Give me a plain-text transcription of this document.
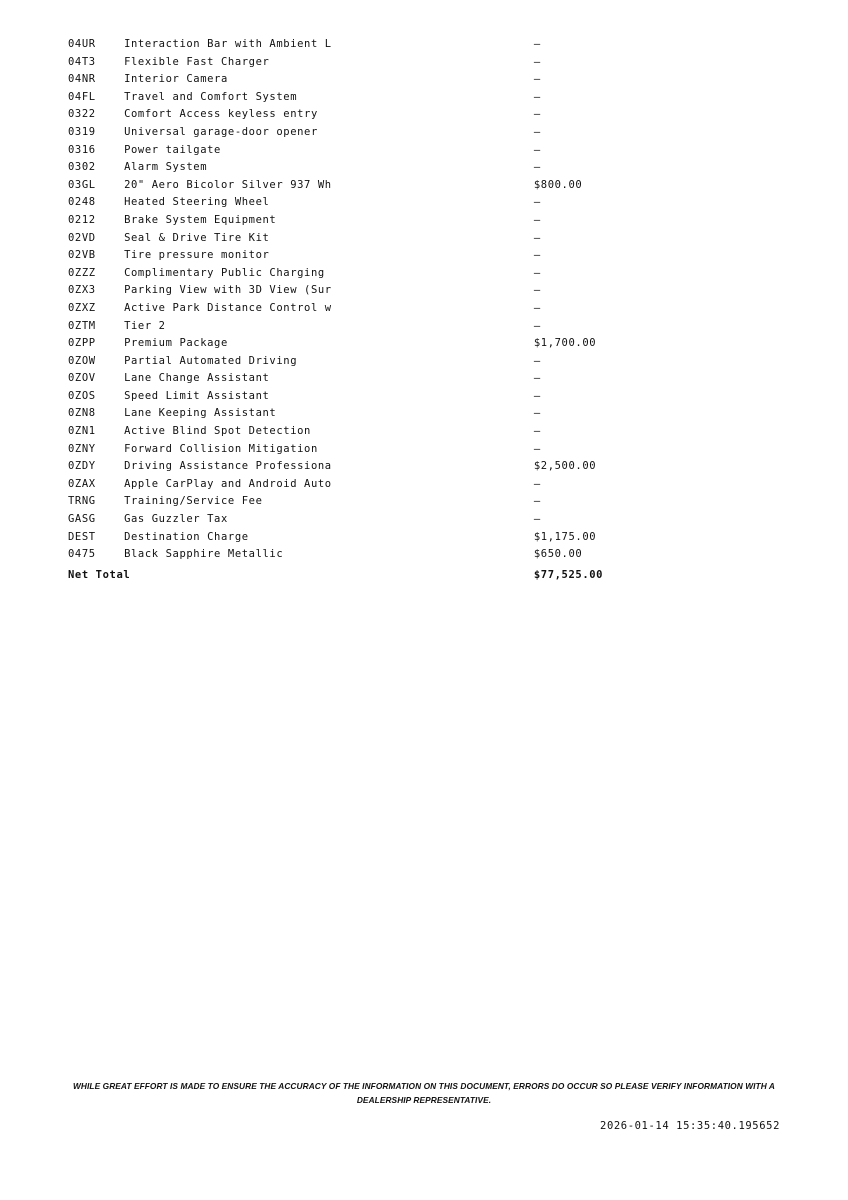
04UR	Interaction Bar with Ambient L	—
04T3	Flexible Fast Charger	—
04NR	Interior Camera	—
04FL	Travel and Comfort System	—
0322	Comfort Access keyless entry	—
0319	Universal garage-door opener	—
0316	Power tailgate	—
0302	Alarm System	—
03GL	20" Aero Bicolor Silver 937 Wh	$800.00
0248	Heated Steering Wheel	—
0212	Brake System Equipment	—
02VD	Seal & Drive Tire Kit	—
02VB	Tire pressure monitor	—
0ZZZ	Complimentary Public Charging	—
0ZX3	Parking View with 3D View (Sur	—
0ZXZ	Active Park Distance Control w	—
0ZTM	Tier 2	—
0ZPP	Premium Package	$1,700.00
0ZOW	Partial Automated Driving	—
0ZOV	Lane Change Assistant	—
0ZOS	Speed Limit Assistant	—
0ZN8	Lane Keeping Assistant	—
0ZN1	Active Blind Spot Detection	—
0ZNY	Forward Collision Mitigation	—
0ZDY	Driving Assistance Professiona	$2,500.00
0ZAX	Apple CarPlay and Android Auto	—
TRNG	Training/Service Fee	—
GASG	Gas Guzzler Tax	—
DEST	Destination Charge	$1,175.00
0475	Black Sapphire Metallic	$650.00
Net Total		$77,525.00
WHILE GREAT EFFORT IS MADE TO ENSURE THE ACCURACY OF THE INFORMATION ON THIS DOCUMENT, ERRORS DO OCCUR SO PLEASE VERIFY INFORMATION WITH A DEALERSHIP REPRESENTATIVE.
2026-01-14 15:35:40.195652
